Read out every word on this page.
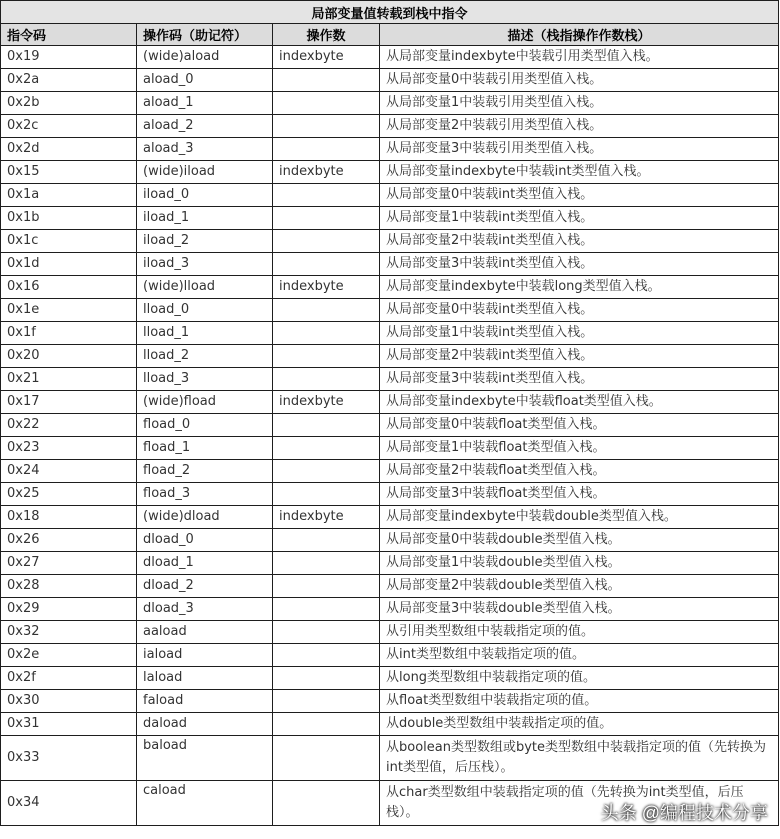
局部变量值转载到栈中指令			
指令码	操作码（助记符）	操作数	描述（栈指操作作数栈）
0x19	(wide)aload	indexbyte	从局部变量indexbyte中装载引用类型值入栈。
0x2a	aload_0		从局部变量0中装载引用类型值入栈。
0x2b	aload_1		从局部变量1中装载引用类型值入栈。
0x2c	aload_2		从局部变量2中装载引用类型值入栈。
0x2d	aload_3		从局部变量3中装载引用类型值入栈。
0x15	(wide)iload	indexbyte	从局部变量indexbyte中装载int类型值入栈。
0x1a	iload_0		从局部变量0中装载int类型值入栈。
0x1b	iload_1		从局部变量1中装载int类型值入栈。
0x1c	iload_2		从局部变量2中装载int类型值入栈。
0x1d	iload_3		从局部变量3中装载int类型值入栈。
0x16	(wide)lload	indexbyte	从局部变量indexbyte中装载long类型值入栈。
0x1e	lload_0		从局部变量0中装载int类型值入栈。
0x1f	lload_1		从局部变量1中装载int类型值入栈。
0x20	lload_2		从局部变量2中装载int类型值入栈。
0x21	lload_3		从局部变量3中装载int类型值入栈。
0x17	(wide)fload	indexbyte	从局部变量indexbyte中装载float类型值入栈。
0x22	fload_0		从局部变量0中装载float类型值入栈。
0x23	fload_1		从局部变量1中装载float类型值入栈。
0x24	fload_2		从局部变量2中装载float类型值入栈。
0x25	fload_3		从局部变量3中装载float类型值入栈。
0x18	(wide)dload	indexbyte	从局部变量indexbyte中装载double类型值入栈。
0x26	dload_0		从局部变量0中装载double类型值入栈。
0x27	dload_1		从局部变量1中装载double类型值入栈。
0x28	dload_2		从局部变量2中装载double类型值入栈。
0x29	dload_3		从局部变量3中装载double类型值入栈。
0x32	aaload		从引用类型数组中装载指定项的值。
0x2e	iaload		从int类型数组中装载指定项的值。
0x2f	laload		从long类型数组中装载指定项的值。
0x30	faload		从float类型数组中装载指定项的值。
0x31	daload		从double类型数组中装载指定项的值。
0x33	baload		从boolean类型数组或byte类型数组中装载指定项的值（先转换为int类型值，后压栈）。
0x34	caload		从char类型数组中装载指定项的值（先转换为int类型值，后压栈）。	头条 @编程技术分享
